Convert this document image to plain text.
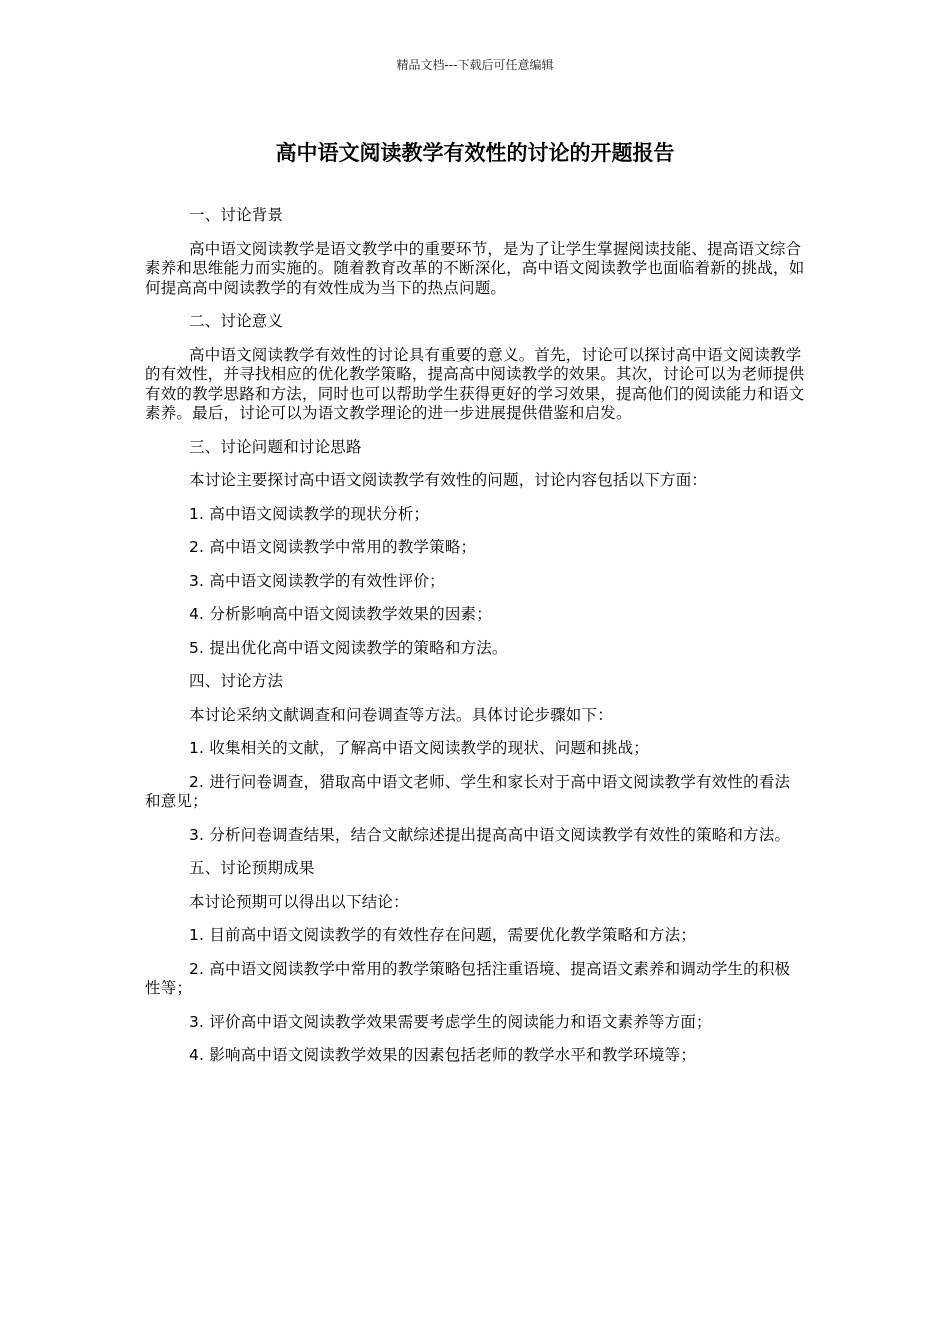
精品文档---下载后可任意编辑
高中语文阅读教学有效性的讨论的开题报告

一、讨论背景

高中语文阅读教学是语文教学中的重要环节，是为了让学生掌握阅读技能、提高语文综合素养和思维能力而实施的。随着教育改革的不断深化，高中语文阅读教学也面临着新的挑战，如何提高高中阅读教学的有效性成为当下的热点问题。

二、讨论意义

高中语文阅读教学有效性的讨论具有重要的意义。首先，讨论可以探讨高中语文阅读教学的有效性，并寻找相应的优化教学策略，提高高中阅读教学的效果。其次，讨论可以为老师提供有效的教学思路和方法，同时也可以帮助学生获得更好的学习效果，提高他们的阅读能力和语文素养。最后，讨论可以为语文教学理论的进一步进展提供借鉴和启发。

三、讨论问题和讨论思路

本讨论主要探讨高中语文阅读教学有效性的问题，讨论内容包括以下方面：

1. 高中语文阅读教学的现状分析；

2. 高中语文阅读教学中常用的教学策略；

3. 高中语文阅读教学的有效性评价；

4. 分析影响高中语文阅读教学效果的因素；

5. 提出优化高中语文阅读教学的策略和方法。

四、讨论方法

本讨论采纳文献调查和问卷调查等方法。具体讨论步骤如下：

1. 收集相关的文献，了解高中语文阅读教学的现状、问题和挑战；

2. 进行问卷调查，猎取高中语文老师、学生和家长对于高中语文阅读教学有效性的看法和意见；

3. 分析问卷调查结果，结合文献综述提出提高高中语文阅读教学有效性的策略和方法。

五、讨论预期成果

本讨论预期可以得出以下结论：

1. 目前高中语文阅读教学的有效性存在问题，需要优化教学策略和方法；

2. 高中语文阅读教学中常用的教学策略包括注重语境、提高语文素养和调动学生的积极性等；

3. 评价高中语文阅读教学效果需要考虑学生的阅读能力和语文素养等方面；

4. 影响高中语文阅读教学效果的因素包括老师的教学水平和教学环境等；
